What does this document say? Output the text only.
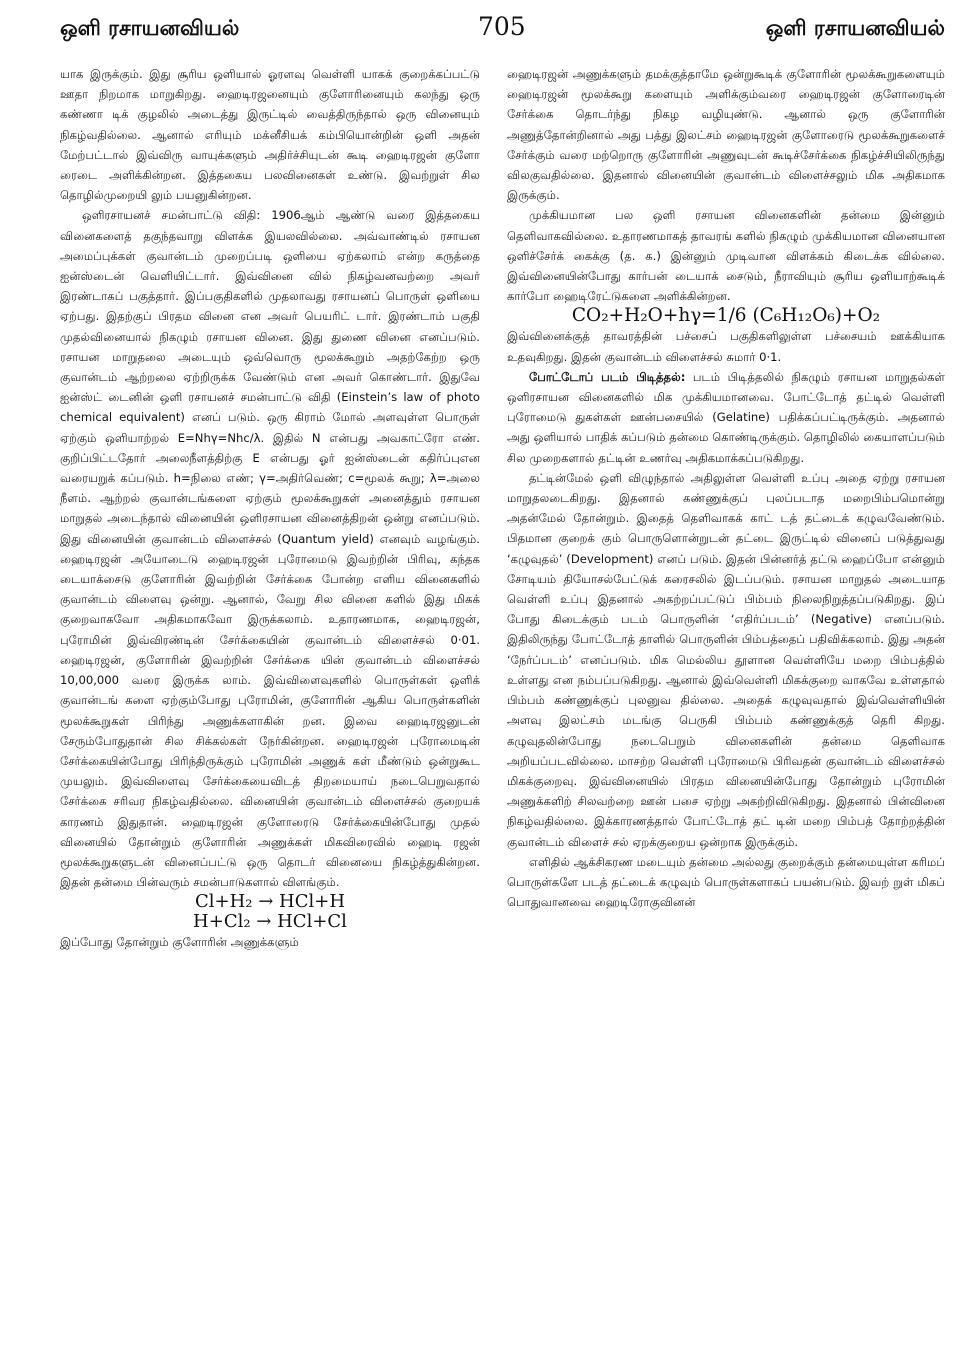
ஒளி ரசாயனவியல்	705	ஒளி ரசாயனவியல்

யாக இருக்கும். இது சூரிய ஒளியால் ஓரளவு வெள்ளி யாகக் குறைக்கப்பட்டு ஊதா நிறமாக மாறுகிறது. ஹைடிரஜனையும் குளோரினையும் கலந்து ஒரு கண்ணா டிக் குழலில் அடைத்து இருட்டில் வைத்திருந்தால் ஒரு வினையும் நிகழ்வதில்லை. ஆனால் எரியும் மக்னீசியக் கம்பியொன்றின் ஒளி அதன் மேற்பட்டால் இவ்விரு வாயுக்களும் அதிர்ச்சியுடன் கூடி ஹைடிரஜன் குளோ ரைடை அளிக்கின்றன. இத்தகைய பலவினைகள் உண்டு. இவற்றுள் சில தொழில்முறையி லும் பயனுகின்றன.

ஒளிரசாயனச் சமன்பாட்டு விதி: 1906ஆம் ஆண்டு வரை இத்தகைய வினைகளைத் தகுந்தவாறு விளக்க இயலவில்லை. அவ்வாண்டில் ரசாயன அமைப்புக்கள் குவான்டம் முறைப்படி ஒளியை ஏற்கலாம் என்ற கருத்தை ஐன்ஸ்டைன் வெளியிட்டார். இவ்வினை வில் நிகழ்வனவற்றை அவர் இரண்டாகப் பகுத்தார். இப்பகுதிகளில் முதலாவது ரசாயனப் பொருள் ஒளியை ஏற்பது. இதற்குப் பிரதம வினை என அவர் பெயரிட் டார். இரண்டாம் பகுதி முதல்வினையால் நிகழும் ரசாயன வினை. இது துணை வினை எனப்படும். ரசாயன மாறுதலை அடையும் ஒவ்வொரு மூலக்கூறும் அதற்கேற்ற ஒரு குவான்டம் ஆற்றலை ஏற்றிருக்க வேண்டும் என அவர் கொண்டார். இதுவே ஐன்ஸ்ட் டைனின் ஒளி ரசாயனச் சமன்பாட்டு விதி (Einstein’s law of photo chemical equivalent) எனப் படும். ஒரு கிராம் மோல் அளவுள்ள பொருள் ஏற்கும் ஒளியாற்றல் E=Nhγ=Nhc/λ. இதில் N என்பது அவகாட்ரோ எண். குறிப்பிட்டதோர் அலைநீளத்திற்கு E என்பது ஓர் ஐன்ஸ்டைன் கதிர்ப்புஎன வரையறுக் கப்படும். h=நிலை எண்; γ=அதிர்வெண்; c=மூலக் கூறு; λ=அலை நீளம். ஆற்றல் குவான்டங்களை ஏற்கும் மூலக்கூறுகள் அனைத்தும் ரசாயன மாறுதல் அடைந்தால் வினையின் ஒளிரசாயன வினைத்திறன் ஒன்று எனப்படும். இது வினையின் குவான்டம் விளைச்சல் (Quantum yield) எனவும் வழங்கும். ஹைடிரஜன் அயோடைடு ஹைடிரஜன் புரோமைடு இவற்றின் பிரிவு, கந்தக டையாக்சைடு குளோரின் இவற்றின் சேர்க்கை போன்ற எளிய வினைகளில் குவான்டம் விளைவு ஒன்று. ஆனால், வேறு சில வினை களில் இது மிகக் குறைவாகவோ அதிகமாகவோ இருக்கலாம். உதாரணமாக, ஹைடிரஜன், புரோமின் இவ்விரண்டின் சேர்க்கையின் குவான்டம் விளைச்சல் 0·01. ஹைடிரஜன், குளோரின் இவற்றின் சேர்க்கை யின் குவான்டம் விளைச்சல் 10,00,000 வரை இருக்க லாம். இவ்விளைவுகளில் பொருள்கள் ஒளிக் குவான்டங் களை ஏற்கும்போது புரோமின், குளோரின் ஆகிய பொருள்களின் மூலக்கூறுகள் பிரிந்து அணுக்களாகின் றன. இவை ஹைடிரஜனுடன் சேரும்போதுதான் சில சிக்கல்கள் நேர்கின்றன. ஹைடிரஜன் புரோமைடின் சேர்க்கையின்போது பிரிந்திருக்கும் புரோமின் அணுக் கள் மீண்டும் ஒன்றுகூட முயலும். இவ்விளைவு சேர்க்கையைவிடத் திறமையாய் நடைபெறுவதால் சேர்க்கை சரிவர நிகழ்வதில்லை. வினையின் குவான்டம் விளைச்சல் குறையக் காரணம் இதுதான். ஹைடிரஜன் குளோரைடு சேர்க்கையின்போது முதல் வினையில் தோன்றும் குளோரின் அணுக்கள் மிகவிரைவில் ஹைடி ரஜன் மூலக்கூறுகளுடன் வினைப்பட்டு ஒரு தொடர் வினையை நிகழ்த்துகின்றன. இதன் தன்மை பின்வரும் சமன்பாடுகளால் விளங்கும்.

Cl+H₂ → HCl+H
H+Cl₂ → HCl+Cl

இப்போது தோன்றும் குளோரின் அணுக்களும்

ஹைடிரஜன் அணுக்களும் தமக்குத்தாமே ஒன்றுகூடிக் குளோரின் மூலக்கூறுகளையும் ஹைடிரஜன் மூலக்கூறு களையும் அளிக்கும்வரை ஹைடிரஜன் குளோரைடின் சேர்க்கை தொடர்ந்து நிகழ வழியுண்டு. ஆனால் ஒரு குளோரின் அணுத்தோன்றினால் அது பத்து இலட்சம் ஹைடிரஜன் குளோரைடு மூலக்கூறுகளைச் சேர்க்கும் வரை மற்றொரு குளோரின் அணுவுடன் கூடிச்சேர்க்கை நிகழ்ச்சியிலிருந்து விலகுவதில்லை. இதனால் வினையின் குவான்டம் விளைச்சலும் மிக அதிகமாக இருக்கும்.

முக்கியமான பல ஒளி ரசாயன வினைகளின் தன்மை இன்னும் தெளிவாகவில்லை. உதாரணமாகத் தாவரங் களில் நிகழும் முக்கியமான வினையான ஒளிச்சேர்க் கைக்கு (த. க.) இன்னும் முடிவான விளக்கம் கிடைக்க வில்லை. இவ்வினையின்போது கார்பன் டையாக் சைடும், நீராவியும் சூரிய ஒளியாற்கூடிக் கார்போ ஹைடிரேட்டுகளை அளிக்கின்றன.

CO₂+H₂O+hγ=1/6 (C₆H₁₂O₆)+O₂

இவ்வினைக்குத் தாவரத்தின் பச்சைப் பகுதிகளிலுள்ள பச்சையம் ஊக்கியாக உதவுகிறது. இதன் குவான்டம் விளைச்சல் சுமார் 0·1.

போட்டோப் படம் பிடித்தல்: படம் பிடித்தலில் நிகழும் ரசாயன மாறுதல்கள் ஒளிரசாயன வினைகளில் மிக முக்கியமானவை. போட்டோத் தட்டில் வெள்ளி புரோமைடு துகள்கள் ஊன்பசையில் (Gelatine) பதிக்கப்பட்டிருக்கும். அதனால் அது ஒளியால் பாதிக் கப்படும் தன்மை கொண்டிருக்கும். தொழிலில் கையாளப்படும் சில முறைகளால் தட்டின் உணர்வு அதிகமாக்கப்படுகிறது.

தட்டின்மேல் ஒளி விழுந்தால் அதிலுள்ள வெள்ளி உப்பு அதை ஏற்று ரசாயன மாறுதலடைகிறது. இதனால் கண்ணுக்குப் புலப்படாத மறைபிம்பமொன்று அதன்மேல் தோன்றும். இதைத் தெளிவாகக் காட் டத் தட்டைக் கழுவவேண்டும். பிதமான குறைக் கும் பொருளொன்றுடன் தட்டை இருட்டில் வினைப் படுத்துவது ‘கழுவுதல்’ (Development) எனப் படும். இதன் பின்னர்த் தட்டு ஹைப்போ என்னும் சோடியம் தியோசல்பேட்டுக் கரைசலில் இடப்படும். ரசாயன மாறுதல் அடையாத வெள்ளி உப்பு இதனால் அகற்றப்பட்டுப் பிம்பம் நிலைநிறுத்தப்படுகிறது. இப் போது கிடைக்கும் படம் பொருளின் ‘எதிர்ப்படம்’ (Negative) எனப்படும். இதிலிருந்து போட்டோத் தாளில் பொருளின் பிம்பத்தைப் பதிவிக்கலாம். இது அதன் ‘நேர்ப்படம்’ எனப்படும். மிக மெல்லிய தூளான வெள்ளியே மறை பிம்பத்தில் உள்ளது என நம்பப்படுகிறது. ஆனால் இவ்வெள்ளி மிகக்குறை வாகவே உள்ளதால் பிம்பம் கண்ணுக்குப் புலனுவ தில்லை. அதைக் கழுவுவதால் இவ்வெள்ளியின் அளவு இலட்சம் மடங்கு பெருகி பிம்பம் கண்ணுக்குத் தெரி கிறது. கழுவுதலின்போது நடைபெறும் வினைகளின் தன்மை தெளிவாக அறியப்படவில்லை. மாசற்ற வெள்ளி புரோமைடு பிரிவதன் குவான்டம் விளைச்சல் மிகக்குறைவு. இவ்வினையில் பிரதம வினையின்போது தோன்றும் புரோமின் அணுக்களிற் சிலவற்றை ஊன் பசை ஏற்று அகற்றிவிடுகிறது. இதனால் பின்வினை நிகழ்வதில்லை. இக்காரணத்தால் போட்டோத் தட் டின் மறை பிம்பத் தோற்றத்தின் குவான்டம் விளைச் சல் ஏறக்குறைய ஒன்றாக இருக்கும்.

எளிதில் ஆக்சிகரண மடையும் தன்மை அல்லது குறைக்கும் தன்மையுள்ள கரிமப் பொருள்களே படத் தட்டைக் கழுவும் பொருள்களாகப் பயன்படும். இவற் றுள் மிகப் பொதுவானவை ஹைடிரோகுவினன்
